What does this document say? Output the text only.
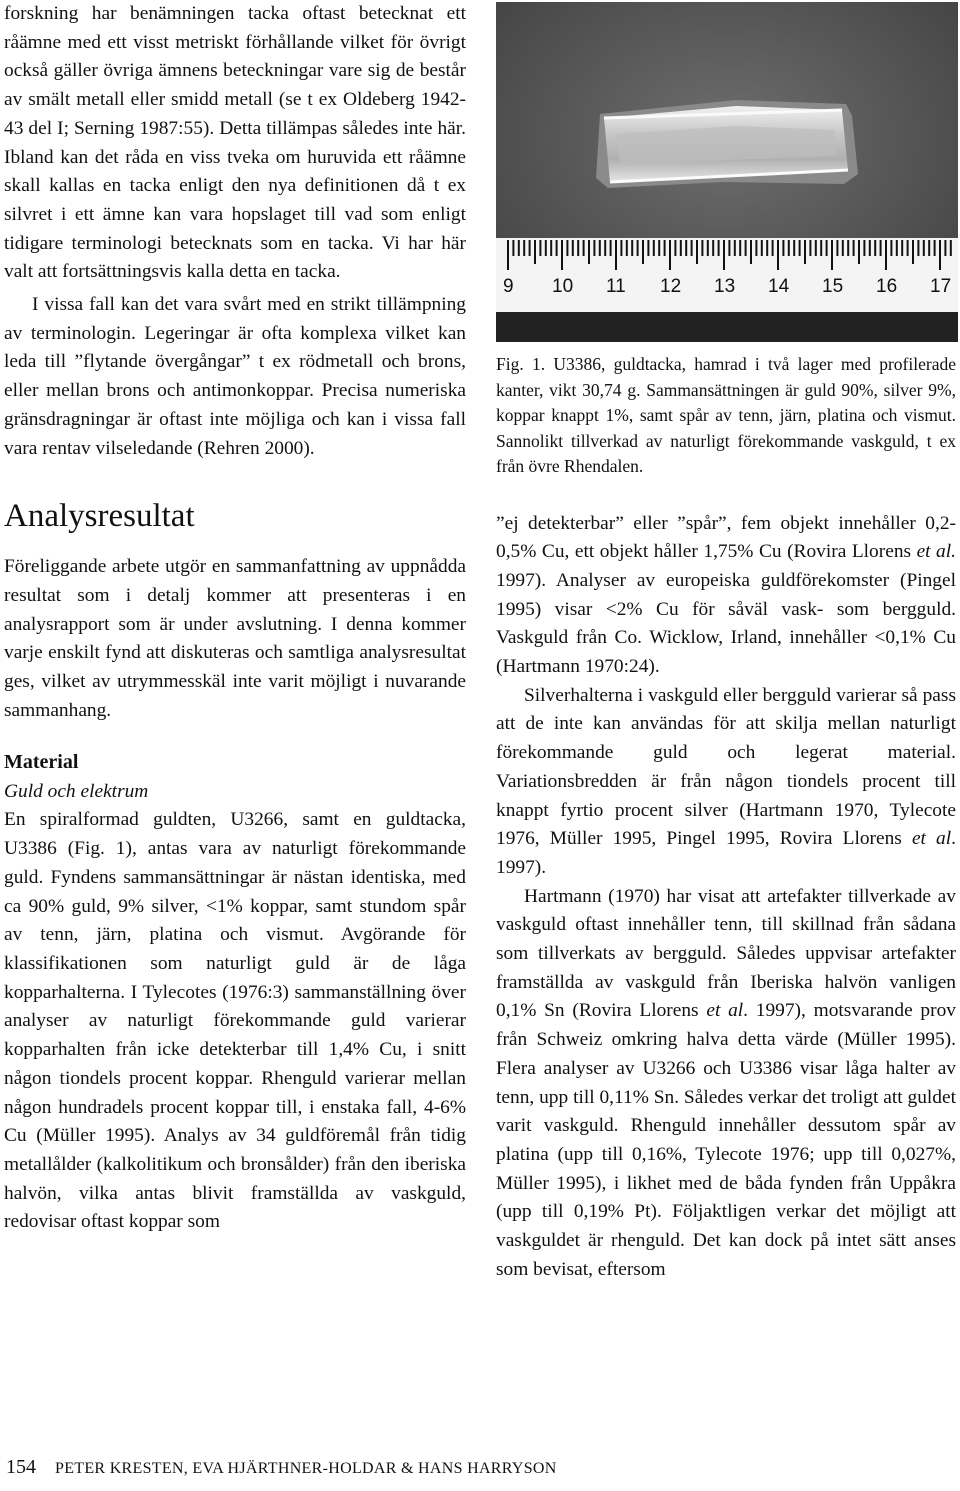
forskning har benämningen tacka oftast betecknat ett råämne med ett visst metriskt förhållande vilket för övrigt också gäller övriga ämnens beteckningar vare sig de består av smält metall eller smidd metall (se t ex Oldeberg 1942-43 del I; Serning 1987:55). Detta tillämpas således inte här. Ibland kan det råda en viss tveka om huruvida ett råämne skall kallas en tacka enligt den nya definitionen då t ex silvret i ett ämne kan vara hopslaget till vad som enligt tidigare terminologi betecknats som en tacka. Vi har här valt att fortsättningsvis kalla detta en tacka.

I vissa fall kan det vara svårt med en strikt tillämpning av terminologin. Legeringar är ofta komplexa vilket kan leda till ”flytande övergångar” t ex rödmetall och brons, eller mellan brons och antimonkoppar. Precisa numeriska gränsdragningar är oftast inte möjliga och kan i vissa fall vara rentav vilseledande (Rehren 2000).

Analysresultat

Föreliggande arbete utgör en sammanfattning av uppnådda resultat som i detalj kommer att presenteras i en analysrapport som är under avslutning. I denna kommer varje enskilt fynd att diskuteras och samtliga analysresultat ges, vilket av utrymmesskäl inte varit möjligt i nuvarande sammanhang.

Material
Guld och elektrum

En spiralformad guldten, U3266, samt en guldtacka, U3386 (Fig. 1), antas vara av naturligt förekommande guld. Fyndens sammansättningar är nästan identiska, med ca 90% guld, 9% silver, <1% koppar, samt stundom spår av tenn, järn, platina och vismut. Avgörande för klassifikationen som naturligt guld är de låga kopparhalterna. I Tylecotes (1976:3) sammanställning över analyser av naturligt förekommande guld varierar kopparhalten från icke detekterbar till 1,4% Cu, i snitt någon tiondels procent koppar. Rhenguld varierar mellan någon hundradels procent koppar till, i enstaka fall, 4-6% Cu (Müller 1995). Analys av 34 guldföremål från tidig metallålder (kalkolitikum och bronsålder) från den iberiska halvön, vilka antas blivit framställda av vaskguld, redovisar oftast koppar som

9 10 11 12 13 14 15 16 17

Fig. 1. U3386, guldtacka, hamrad i två lager med profilerade kanter, vikt 30,74 g. Sammansättningen är guld 90%, silver 9%, koppar knappt 1%, samt spår av tenn, järn, platina och vismut. Sannolikt tillverkad av naturligt förekommande vaskguld, t ex från övre Rhendalen.

”ej detekterbar” eller ”spår”, fem objekt innehåller 0,2-0,5% Cu, ett objekt håller 1,75% Cu (Rovira Llorens et al. 1997). Analyser av europeiska guldförekomster (Pingel 1995) visar <2% Cu för såväl vask- som bergguld. Vaskguld från Co. Wicklow, Irland, innehåller <0,1% Cu (Hartmann 1970:24).

Silverhalterna i vaskguld eller bergguld varierar så pass att de inte kan användas för att skilja mellan naturligt förekommande guld och legerat material. Variationsbredden är från någon tiondels procent till knappt fyrtio procent silver (Hartmann 1970, Tylecote 1976, Müller 1995, Pingel 1995, Rovira Llorens et al. 1997).

Hartmann (1970) har visat att artefakter tillverkade av vaskguld oftast innehåller tenn, till skillnad från sådana som tillverkats av bergguld. Således uppvisar artefakter framställda av vaskguld från Iberiska halvön vanligen 0,1% Sn (Rovira Llorens et al. 1997), motsvarande prov från Schweiz omkring halva detta värde (Müller 1995). Flera analyser av U3266 och U3386 visar låga halter av tenn, upp till 0,11% Sn. Således verkar det troligt att guldet varit vaskguld. Rhenguld innehåller dessutom spår av platina (upp till 0,16%, Tylecote 1976; upp till 0,027%, Müller 1995), i likhet med de båda fynden från Uppåkra (upp till 0,19% Pt). Följaktligen verkar det möjligt att vaskguldet är rhenguld. Det kan dock på intet sätt anses som bevisat, eftersom

154 PETER KRESTEN, EVA HJÄRTHNER-HOLDAR & HANS HARRYSON
